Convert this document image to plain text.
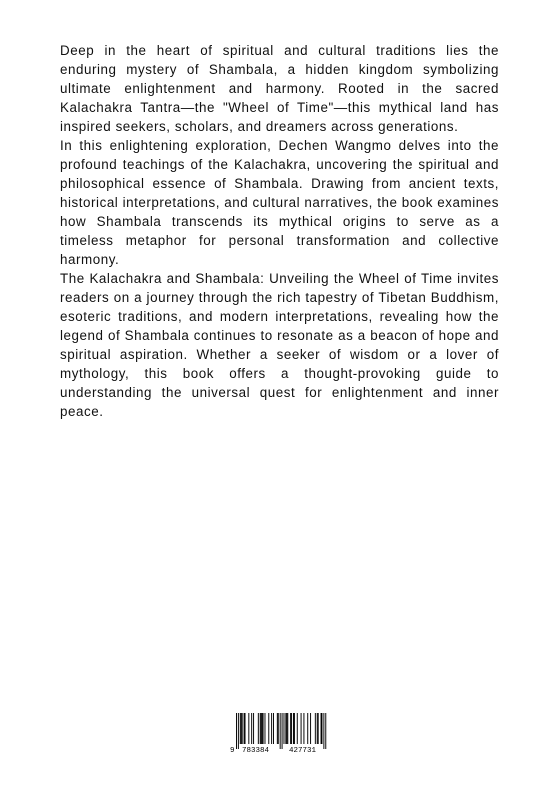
Deep in the heart of spiritual and cultural traditions lies the enduring mystery of Shambala, a hidden kingdom symbolizing ultimate enlightenment and harmony. Rooted in the sacred Kalachakra Tantra—the "Wheel of Time"—this mythical land has inspired seekers, scholars, and dreamers across generations.

In this enlightening exploration, Dechen Wangmo delves into the profound teachings of the Kalachakra, uncovering the spiritual and philosophical essence of Shambala. Drawing from ancient texts, historical interpretations, and cultural narratives, the book examines how Shambala transcends its mythical origins to serve as a timeless metaphor for personal transformation and collective harmony.

The Kalachakra and Shambala: Unveiling the Wheel of Time invites readers on a journey through the rich tapestry of Tibetan Buddhism, esoteric traditions, and modern interpretations, revealing how the legend of Shambala continues to resonate as a beacon of hope and spiritual aspiration. Whether a seeker of wisdom or a lover of mythology, this book offers a thought-provoking guide to understanding the universal quest for enlightenment and inner peace.

9 783384	427731
